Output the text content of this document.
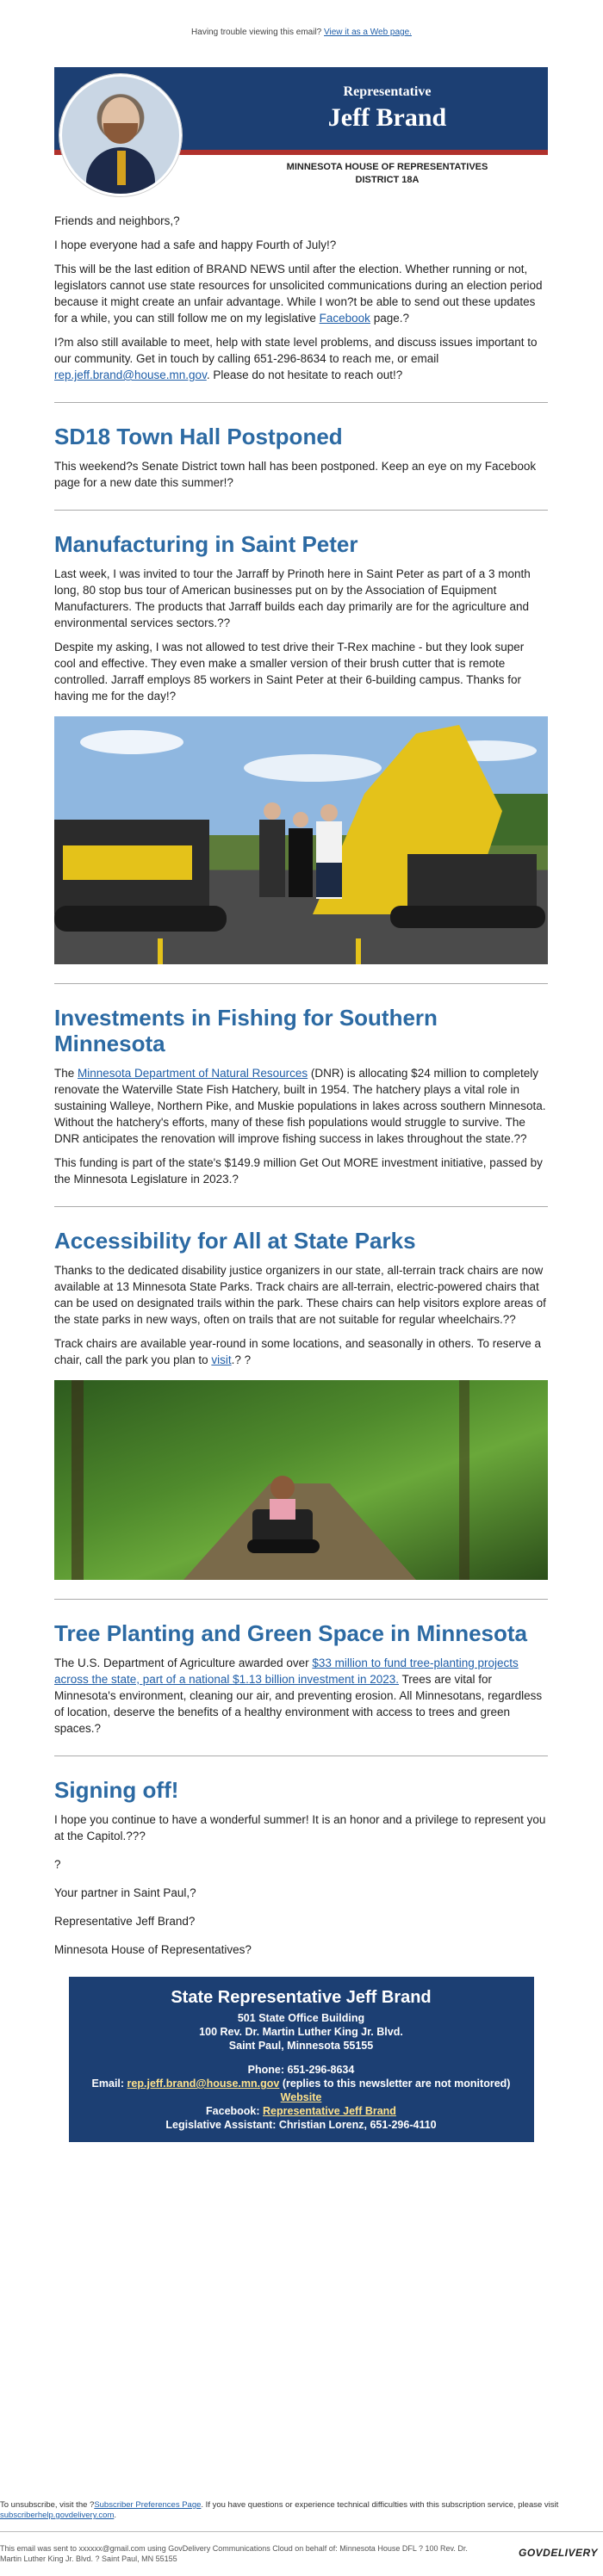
Having trouble viewing this email? View it as a Web page.
Representative
Jeff Brand
MINNESOTA HOUSE OF REPRESENTATIVES
DISTRICT 18A

Friends and neighbors,?

I hope everyone had a safe and happy Fourth of July!?

This will be the last edition of BRAND NEWS until after the election. Whether running or not, legislators cannot use state resources for unsolicited communications during an election period because it might create an unfair advantage. While I won?t be able to send out these updates for a while, you can still follow me on my legislative Facebook page.?

I?m also still available to meet, help with state level problems, and discuss issues important to our community. Get in touch by calling 651-296-8634 to reach me, or email rep.jeff.brand@house.mn.gov. Please do not hesitate to reach out!?

SD18 Town Hall Postponed

This weekend?s Senate District town hall has been postponed. Keep an eye on my Facebook page for a new date this summer!?

Manufacturing in Saint Peter

Last week, I was invited to tour the Jarraff by Prinoth here in Saint Peter as part of a 3 month long, 80 stop bus tour of American businesses put on by the Association of Equipment Manufacturers. The products that Jarraff builds each day primarily are for the agriculture and environmental services sectors.??

Despite my asking, I was not allowed to test drive their T-Rex machine - but they look super cool and effective. They even make a smaller version of their brush cutter that is remote controlled. Jarraff employs 85 workers in Saint Peter at their 6-building campus. Thanks for having me for the day!?

Investments in Fishing for Southern Minnesota

The Minnesota Department of Natural Resources (DNR) is allocating $24 million to completely renovate the Waterville State Fish Hatchery, built in 1954. The hatchery plays a vital role in sustaining Walleye, Northern Pike, and Muskie populations in lakes across southern Minnesota. Without the hatchery's efforts, many of these fish populations would struggle to survive. The DNR anticipates the renovation will improve fishing success in lakes throughout the state.??

This funding is part of the state's $149.9 million Get Out MORE investment initiative, passed by the Minnesota Legislature in 2023.?

Accessibility for All at State Parks

Thanks to the dedicated disability justice organizers in our state, all-terrain track chairs are now available at 13 Minnesota State Parks. Track chairs are all-terrain, electric-powered chairs that can be used on designated trails within the park. These chairs can help visitors explore areas of the state parks in new ways, often on trails that are not suitable for regular wheelchairs.??

Track chairs are available year-round in some locations, and seasonally in others. To reserve a chair, call the park you plan to visit.? ?

Tree Planting and Green Space in Minnesota

The U.S. Department of Agriculture awarded over $33 million to fund tree-planting projects across the state, part of a national $1.13 billion investment in 2023. Trees are vital for Minnesota's environment, cleaning our air, and preventing erosion. All Minnesotans, regardless of location, deserve the benefits of a healthy environment with access to trees and green spaces.?

Signing off!

I hope you continue to have a wonderful summer! It is an honor and a privilege to represent you at the Capitol.???

?

Your partner in Saint Paul,?

Representative Jeff Brand?

Minnesota House of Representatives?

State Representative Jeff Brand
501 State Office Building
100 Rev. Dr. Martin Luther King Jr. Blvd.
Saint Paul, Minnesota 55155
Phone: 651-296-8634
Email: rep.jeff.brand@house.mn.gov (replies to this newsletter are not monitored)
Website
Facebook: Representative Jeff Brand
Legislative Assistant: Christian Lorenz, 651-296-4110
To unsubscribe, visit the ?Subscriber Preferences Page. If you have questions or experience technical difficulties with this subscription service, please visit subscriberhelp.govdelivery.com.
This email was sent to xxxxxx@gmail.com using GovDelivery Communications Cloud on behalf of: Minnesota House DFL ? 100 Rev. Dr. Martin Luther King Jr. Blvd. ? Saint Paul, MN 55155	GOVDELIVERY
